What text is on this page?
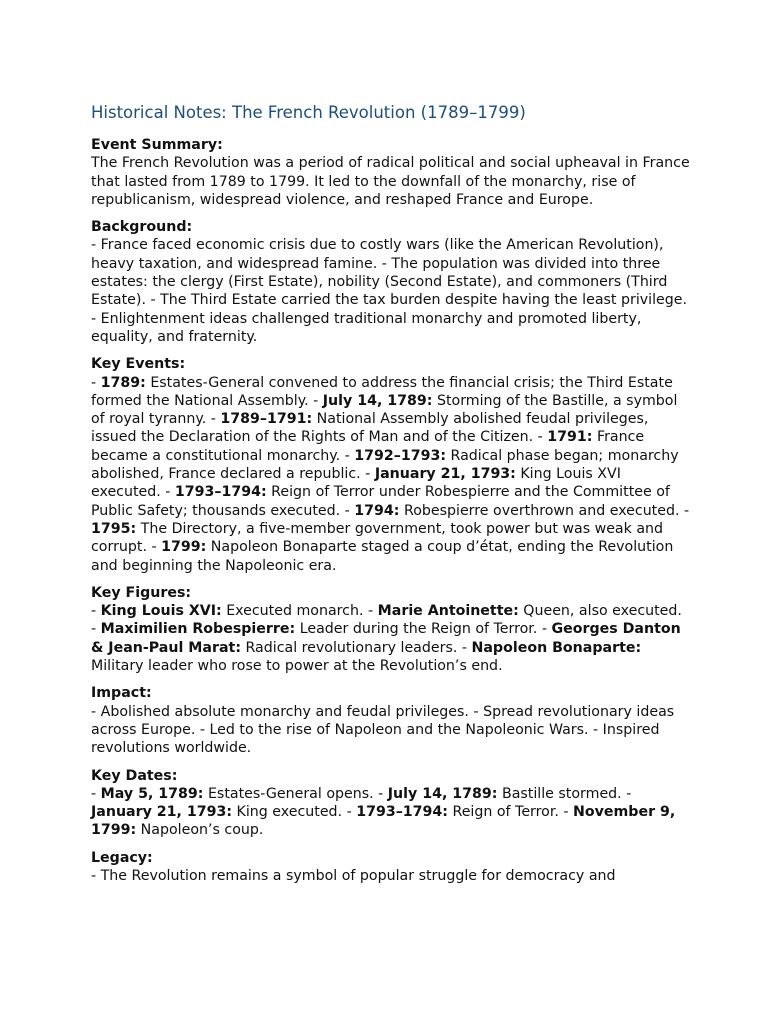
Historical Notes: The French Revolution (1789–1799)
Event Summary:
The French Revolution was a period of radical political and social upheaval in France that lasted from 1789 to 1799. It led to the downfall of the monarchy, rise of republicanism, widespread violence, and reshaped France and Europe.
Background:
- France faced economic crisis due to costly wars (like the American Revolution), heavy taxation, and widespread famine. - The population was divided into three estates: the clergy (First Estate), nobility (Second Estate), and commoners (Third Estate). - The Third Estate carried the tax burden despite having the least privilege. - Enlightenment ideas challenged traditional monarchy and promoted liberty, equality, and fraternity.
Key Events:
- 1789: Estates-General convened to address the financial crisis; the Third Estate formed the National Assembly. - July 14, 1789: Storming of the Bastille, a symbol of royal tyranny. - 1789–1791: National Assembly abolished feudal privileges, issued the Declaration of the Rights of Man and of the Citizen. - 1791: France became a constitutional monarchy. - 1792–1793: Radical phase began; monarchy abolished, France declared a republic. - January 21, 1793: King Louis XVI executed. - 1793–1794: Reign of Terror under Robespierre and the Committee of Public Safety; thousands executed. - 1794: Robespierre overthrown and executed. - 1795: The Directory, a five-member government, took power but was weak and corrupt. - 1799: Napoleon Bonaparte staged a coup d’état, ending the Revolution and beginning the Napoleonic era.
Key Figures:
- King Louis XVI: Executed monarch. - Marie Antoinette: Queen, also executed. - Maximilien Robespierre: Leader during the Reign of Terror. - Georges Danton & Jean-Paul Marat: Radical revolutionary leaders. - Napoleon Bonaparte: Military leader who rose to power at the Revolution’s end.
Impact:
- Abolished absolute monarchy and feudal privileges. - Spread revolutionary ideas across Europe. - Led to the rise of Napoleon and the Napoleonic Wars. - Inspired revolutions worldwide.
Key Dates:
- May 5, 1789: Estates-General opens. - July 14, 1789: Bastille stormed. - January 21, 1793: King executed. - 1793–1794: Reign of Terror. - November 9, 1799: Napoleon’s coup.
Legacy:
- The Revolution remains a symbol of popular struggle for democracy and
